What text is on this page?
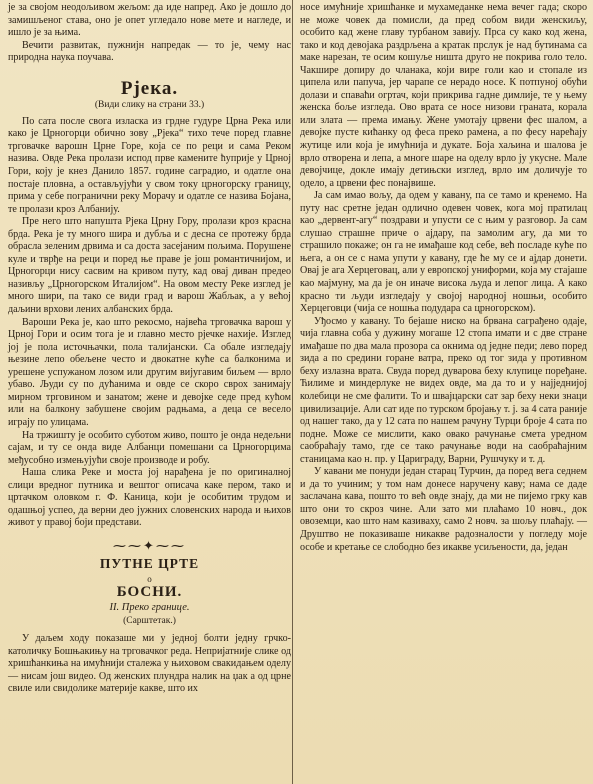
је за својом неодољивом жељом: да иде напред. Ако је дошло до замишљеног става, оно је опет угледало нове мете и нагледе, и ишло је за њима.

Вечити развитак, пужнијн напредак — то је, чему нас природна наука поучава.

Рјека.
(Види слику на страни 33.)

По сата после свога изласка из грдне гудуре Црна Река или како је Црногорци обично зову „Рјека“ тихо тече поред главне трговачке варошн Црне Горе, која се по реци и сама Реком назива. Овде Река пролази испод прве каменитe ћуприје у Црној Гори, коју је кнез Данило 1857. године саградио, и одатле она постаје пловна, а остављујући у свом току црногорску границу, прима у себе погранични реку Морачу и одатле се назива Бојана, те пролази кроз Албанију.

Пре него што напушта Рјека Црну Гору, пролази кроз красна брда. Река је ту много шира и дубља и с десна се протежу брда обрасла зеленим дрвима и са доста засејаним пољима. Порушене куле и тврђе на реци и поред ње праве је још романтичнијом, и Црногорци нису сасвим на кривом путу, кад овај диван предео називљу „Црногорском Италијом“. На овом месту Реке изглед је много шири, па тако се види град и варош Жабљак, а у већој даљини врхови лених албанских брда.

Вароши Река је, као што рекосмо, највећа трговачка варош у Црној Гори и осим тога је и главно место рјечке нахије. Изглед јој је пола источњачки, пола талијански. Са обале изгледају њезине лепо обељене често и двокатне куће са балконима и урешене успужаном лозом или другим вијугавим биљем — врло убаво. Људи су по дућанима и овде се скоро сврох занимају мирном трговином и занатом; жене и девојке седе пред кућом или на балкону забушене својим радњама, а деца се весело играју по улицама.

На тржишту је особито суботом живо, пошто је онда недељни сајам, и ту се онда виде Албанци помешани са Црногорцима међусобно измењујући своје производе и робу.

Наша слика Реке и моста јој нарађена је по оригиналној слици вредног путника и вештог описача каке пером, тако и цртачком оловком г. Ф. Каница, који је особитим трудом и одашњој успео, да верни део јужних словенских народа и њихов живот у правој боји представи.

⁓⁓✦⁓⁓
ПУТНЕ ЦРТЕ
о
БОСНИ.
II. Преко границе.
(Сарштетак.)

У даљем ходу показаше ми у једној болти једну грчко-католичку Бошњакињу на трговачког реда. Непријатније слике од хришћанкиња на имућнији сталежа у њиховом свакидањем оделу — нисам још видео. Од женских плундра налик на џак а од црне свиле или свидолике материје какве, што их

носе имућније хришћанке и мухамеданке нема вечег гада; скоро не може човек да помисли, да пред собом види женскиљу, особито кад жене главу турбаном завију. Прса су како код жена, тако и код девојака раздрљена а кратак прслук је над бутинама са маке нарезан, те осим кошуље ништа друго не покрива голо тело. Чакшире допиру до чланака, који вире голи као и стопале из ципела или папуча, јер чарапе се нерадо носе. К потпуној обући долази и спаваћи огртач, који прикрива гадне димлије, те у њему женска боље изгледа. Ово врата се носе низови граната, корала или злата — према имању. Жене умотају црвени фес шалом, а девојке пусте кићанку од феса преко рамена, а по фесу нарећају жутице или која је имућнија и дукате. Боја хаљина и шалова је врло отворена и лепа, а многе шаре на оделу врло ју укусне. Мале девојчице, доклe имају детињски изглед, врло им доличује то одело, а црвени фес понајвише.

Ја сам имао вољу, да одем у кавану, па се тамо и кренемо. На путу нас сретне један одлично одевен човек, кога мој пратилац као „дервент-агу“ поздрави и упусти се с њим у разговор. Ја сам слушао страшне приче о ајдару, па замолим агу, да ми то страшило покаже; он га не имађаше код себе, већ посладе куће по њега, а он се с нама упути у кавану, где ће му се и ајдар донети. Овај је ага Херцеговац, али у европској униформи, која му стајаше као мајмуну, ма да је он иначе висока људа и лепог лица. А како красно ти људи изгледају у својој народној ношњи, особито Херцеговци (чија се ношња подудара са црногорском).

Уђосмо у кавану. То бејаше ниско на брвана саграђено одаје, чија главна соба у дужину могаше 12 стопа имати и с две стране имађаше по два мала прозора са окнима од једне педи; лево поред зида а по средини горане ватра, преко од тог зида у противном беху излазна врата. Свуда поред дуварова беху клупице поређане. Ћилиме и миндерлуке не видех овде, ма да то и у најједнијој колебици не сме фалити. То и швајцарски сат зар беху неки знаци цивилизације. Али сат иде по турском бројању т. ј. за 4 сата раније од нашег тако, да у 12 сата по нашем рачуну Турци броје 4 сата по подне. Може се мислити, како овако рачунање смета уредном саобраћају тамо, где се тако рачунање води на саобраћајним станицама као н. пр. у Цариграду, Варни, Рушчуку и т. д.

У кавани ме понуди један старац Турчин, да поред вега седнем и да то учиним; у том нам донесе наручену каву; нама се даде заслачана кава, пошто то већ овде знају, да ми не пијемо грку кав што они то скроз чине. Али зато ми плаћамо 10 новч., док овоземци, као што нам казиваху, само 2 новч. за шољу плаћају. — Друштво не показиваше никакве радозналости у погледу моје особе и кретање се слободно без икакве усиљености, да, један
